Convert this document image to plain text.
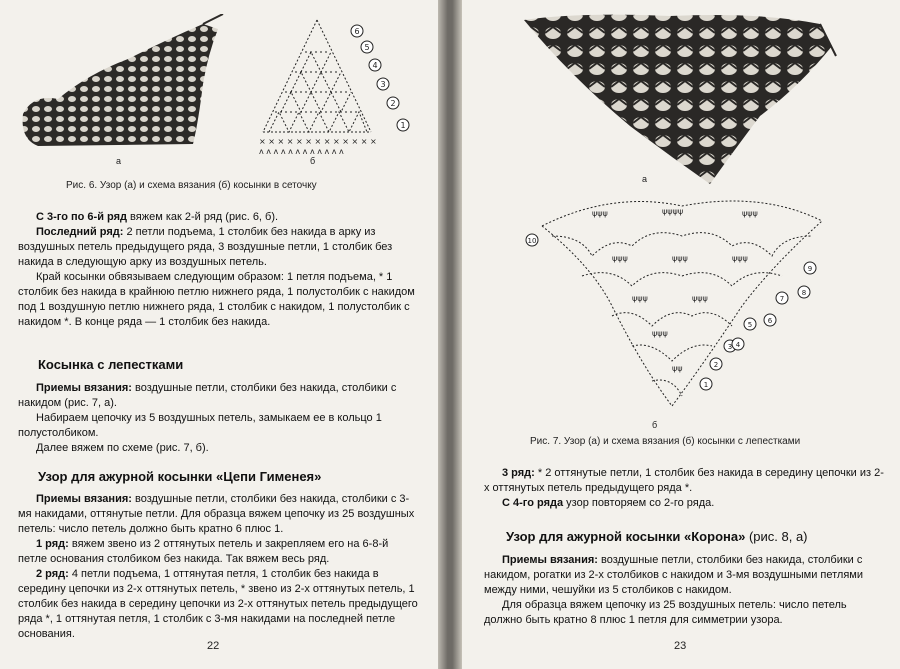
а
× × × × × × × × × × × × ×
ᴧ ᴧ ᴧ ᴧ ᴧ ᴧ ᴧ ᴧ ᴧ ᴧ ᴧ ᴧ
6
5
4
3
2
1
б
Рис. 6. Узор (а) и схема вязания (б) косынки в сеточку

С 3-го по 6-й ряд вяжем как 2-й ряд (рис. 6, б).

Последний ряд: 2 петли подъема, 1 столбик без накида в арку из воздушных петель предыдущего ряда, 3 воздушные петли, 1 столбик без накида в следующую арку из воздушных петель.

Край косынки обвязываем следующим образом: 1 петля подъема, * 1 столбик без накида в крайнюю петлю нижнего ряда, 1 полустолбик с накидом под 1 воздушную петлю нижнего ряда, 1 столбик с накидом, 1 полустолбик с накидом *. В конце ряда — 1 столбик без накида.

Косынка с лепестками

Приемы вязания: воздушные петли, столбики без накида, столбики с накидом (рис. 7, а).

Набираем цепочку из 5 воздушных петель, замыкаем ее в кольцо 1 полустолбиком.

Далее вяжем по схеме (рис. 7, б).

Узор для ажурной косынки «Цепи Гименея»

Приемы вязания: воздушные петли, столбики без накида, столбики с 3-мя накидами, оттянутые петли. Для образца вяжем цепочку из 25 воздушных петель: число петель должно быть кратно 6 плюс 1.

1 ряд: вяжем звено из 2 оттянутых петель и закрепляем его на 6-8-й петле основания столбиком без накида. Так вяжем весь ряд.

2 ряд: 4 петли подъема, 1 оттянутая петля, 1 столбик без накида в середину цепочки из 2-х оттянутых петель, * звено из 2-х оттянутых петель, 1 столбик без накида в середину цепочки из 2-х оттянутых петель предыдущего ряда *, 1 оттянутая петля, 1 столбик с 3-мя накидами на последней петле основания.

22
а
ψψψ	ψψψψ	ψψψ
ψψψ	ψψψ	ψψψ
ψψψ	ψψψ
ψψψ
ψψ
1
2
3 4
5 6
7
8
9
10
б
Рис. 7. Узор (а) и схема вязания (б) косынки с лепестками

3 ряд: * 2 оттянутые петли, 1 столбик без накида в середину цепочки из 2-х оттянутых петель предыдущего ряда *.

С 4-го ряда узор повторяем со 2-го ряда.

Узор для ажурной косынки «Корона» (рис. 8, а)

Приемы вязания: воздушные петли, столбики без накида, столбики с накидом, рогатки из 2-х столбиков с накидом и 3-мя воздушными петлями между ними, чешуйки из 5 столбиков с накидом.

Для образца вяжем цепочку из 25 воздушных петель: число петель должно быть кратно 8 плюс 1 петля для симметрии узора.

23
